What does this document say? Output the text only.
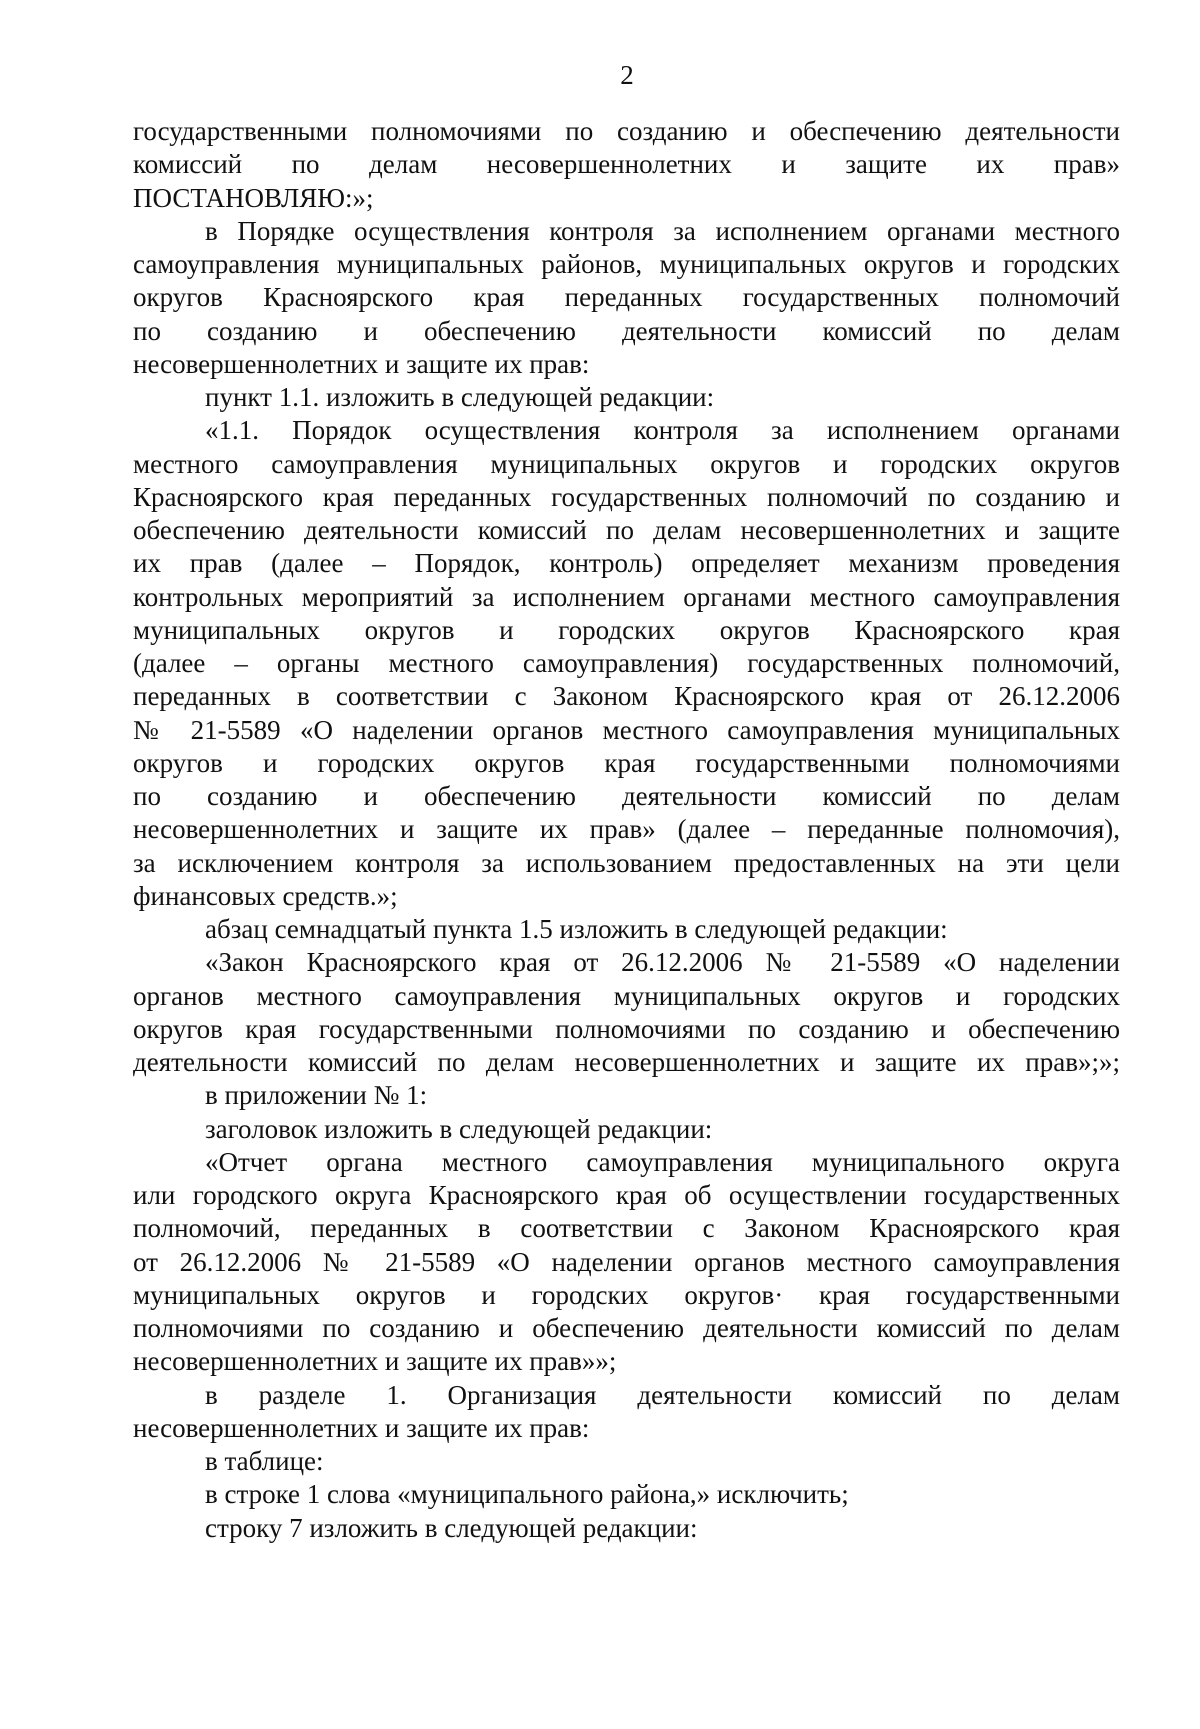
2
государственными полномочиями по созданию и обеспечению деятельности
комиссий по делам несовершеннолетних и защите их прав»
ПОСТАНОВЛЯЮ:»;
в Порядке осуществления контроля за исполнением органами местного
самоуправления муниципальных районов, муниципальных округов и городских
округов Красноярского края переданных государственных полномочий
по созданию и обеспечению деятельности комиссий по делам
несовершеннолетних и защите их прав:
пункт 1.1. изложить в следующей редакции:
«1.1. Порядок осуществления контроля за исполнением органами
местного самоуправления муниципальных округов и городских округов
Красноярского края переданных государственных полномочий по созданию и
обеспечению деятельности комиссий по делам несовершеннолетних и защите
их прав (далее – Порядок, контроль) определяет механизм проведения
контрольных мероприятий за исполнением органами местного самоуправления
муниципальных округов и городских округов Красноярского края
(далее – органы местного самоуправления) государственных полномочий,
переданных в соответствии с Законом Красноярского края от 26.12.2006
№ 21-5589 «О наделении органов местного самоуправления муниципальных
округов и городских округов края государственными полномочиями
по созданию и обеспечению деятельности комиссий по делам
несовершеннолетних и защите их прав» (далее – переданные полномочия),
за исключением контроля за использованием предоставленных на эти цели
финансовых средств.»;
абзац семнадцатый пункта 1.5 изложить в следующей редакции:
«Закон Красноярского края от 26.12.2006 № 21-5589 «О наделении
органов местного самоуправления муниципальных округов и городских
округов края государственными полномочиями по созданию и обеспечению
деятельности комиссий по делам несовершеннолетних и защите их прав»;»;
в приложении № 1:
заголовок изложить в следующей редакции:
«Отчет органа местного самоуправления муниципального округа
или городского округа Красноярского края об осуществлении государственных
полномочий, переданных в соответствии с Законом Красноярского края
от 26.12.2006 № 21-5589 «О наделении органов местного самоуправления
муниципальных округов и городских округов· края государственными
полномочиями по созданию и обеспечению деятельности комиссий по делам
несовершеннолетних и защите их прав»»;
в разделе 1. Организация деятельности комиссий по делам
несовершеннолетних и защите их прав:
в таблице:
в строке 1 слова «муниципального района,» исключить;
строку 7 изложить в следующей редакции:
